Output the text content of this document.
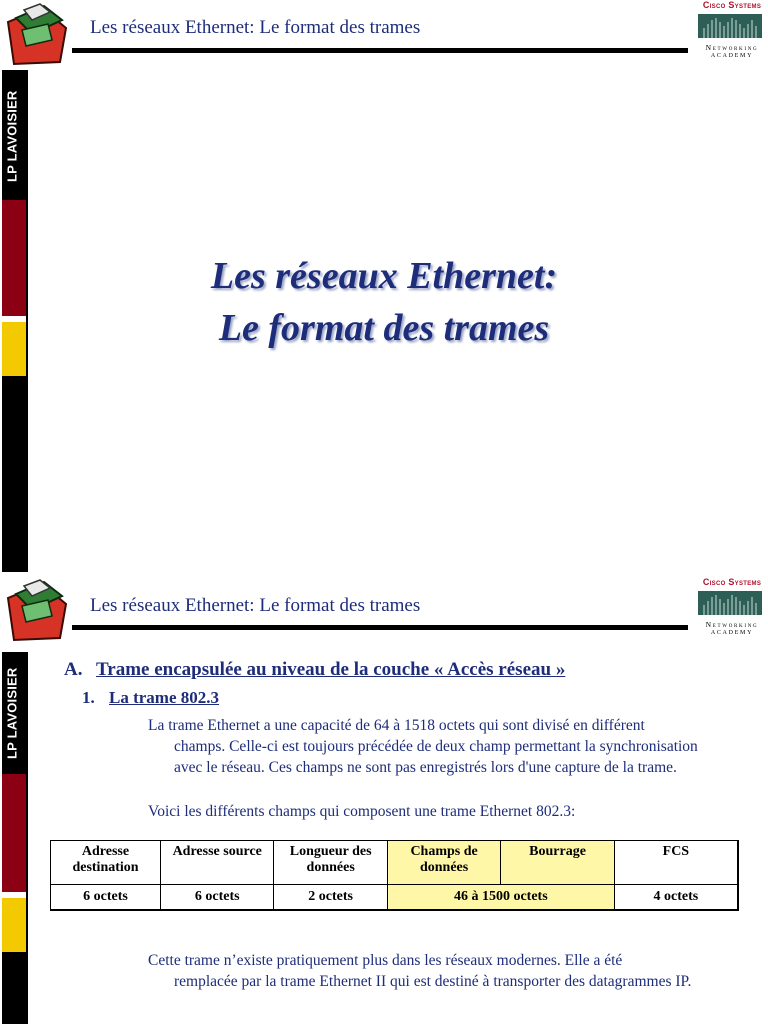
Les réseaux Ethernet: Le format des trames
Cisco Systems
Networking
ACADEMY
LP LAVOISIER
Les réseaux Ethernet:
Le format des trames
Les réseaux Ethernet: Le format des trames
Cisco Systems
Networking
ACADEMY
LP LAVOISIER A. Trame encapsulée au niveau de la couche « Accès réseau »
1. La trame 802.3
La trame Ethernet a une capacité de 64 à 1518 octets qui sont divisé en différent
champs. Celle-ci est toujours précédée de deux champ permettant la synchronisation avec le réseau. Ces champs ne sont pas enregistrés lors d'une capture de la trame.
Voici les différents champs qui composent une trame Ethernet 802.3:
Adresse destination	Adresse source	Longueur des données	Champs de données	Bourrage	FCS
6 octets	6 octets	2 octets	46 à 1500 octets		4 octets
Cette trame n’existe pratiquement plus dans les réseaux modernes. Elle a été
remplacée par la trame Ethernet II qui est destiné à transporter des datagrammes IP.
